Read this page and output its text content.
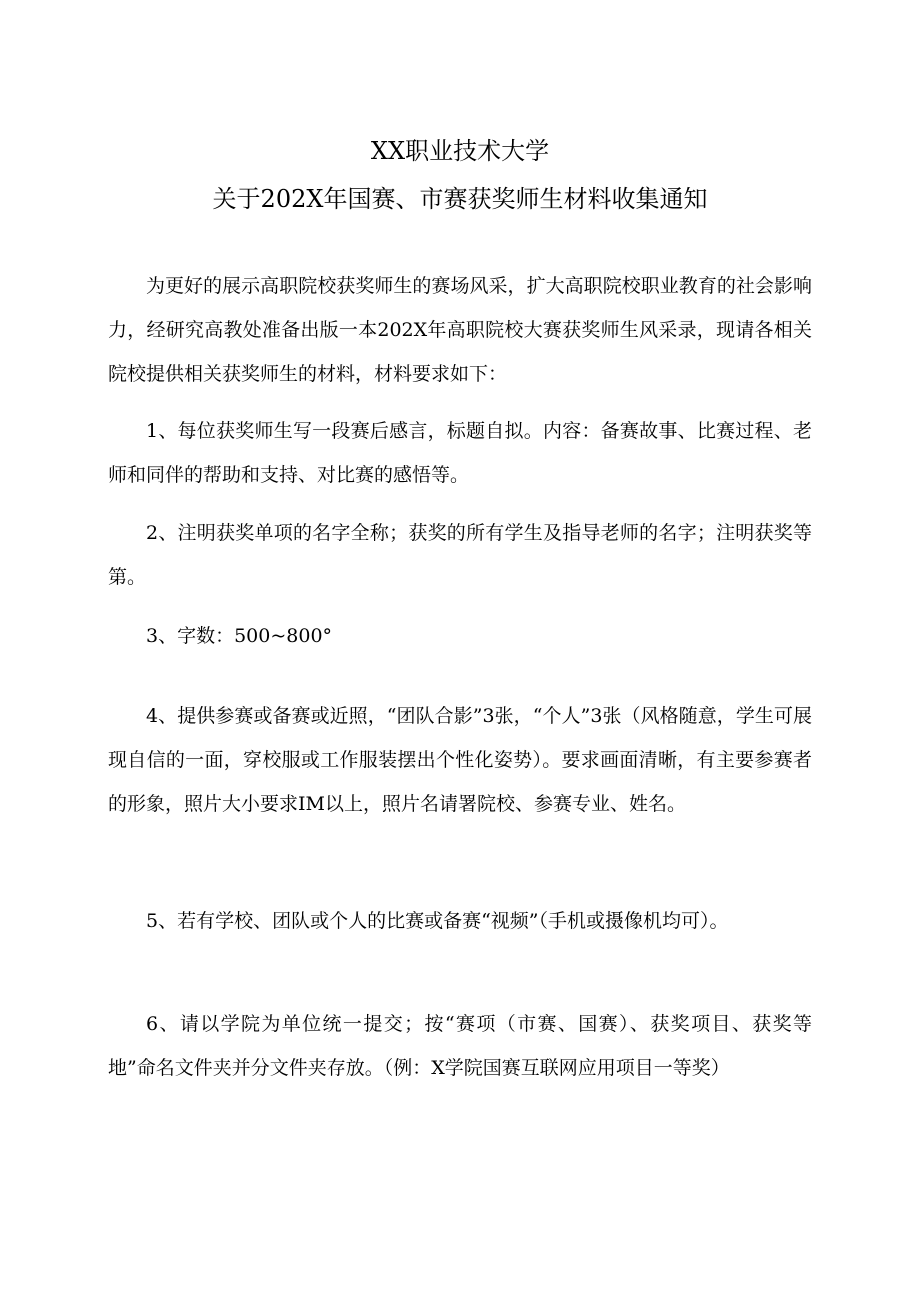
XX职业技术大学
关于202X年国赛、市赛获奖师生材料收集通知

为更好的展示高职院校获奖师生的赛场风采，扩大高职院校职业教育的社会影响力，经研究高教处准备出版一本202X年高职院校大赛获奖师生风采录，现请各相关院校提供相关获奖师生的材料，材料要求如下：

1、每位获奖师生写一段赛后感言，标题自拟。内容：备赛故事、比赛过程、老师和同伴的帮助和支持、对比赛的感悟等。

2、注明获奖单项的名字全称；获奖的所有学生及指导老师的名字；注明获奖等第。

3、字数：500~800°

4、提供参赛或备赛或近照，“团队合影”3张，“个人”3张（风格随意，学生可展现自信的一面，穿校服或工作服装摆出个性化姿势）。要求画面清晰，有主要参赛者的形象，照片大小要求IM以上，照片名请署院校、参赛专业、姓名。

5、若有学校、团队或个人的比赛或备赛“视频”（手机或摄像机均可）。

6、请以学院为单位统一提交；按“赛项（市赛、国赛）、获奖项目、获奖等地”命名文件夹并分文件夹存放。（例：X学院国赛互联网应用项目一等奖）
